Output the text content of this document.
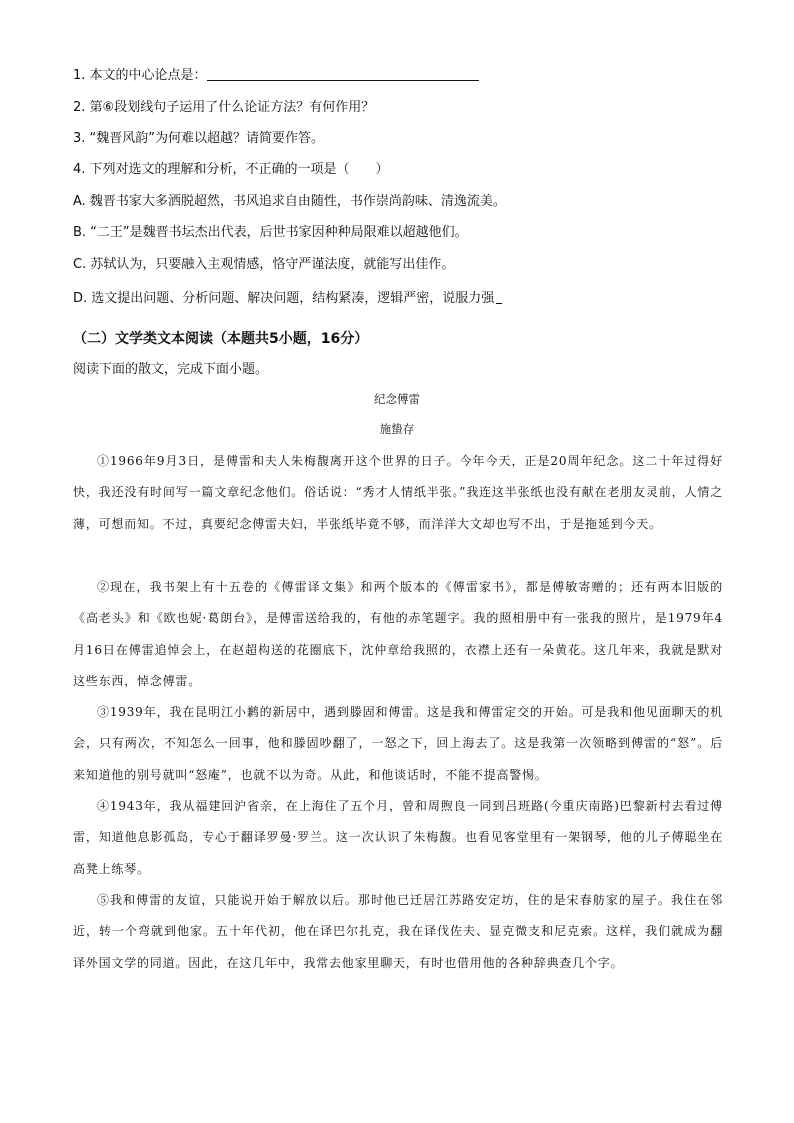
1. 本文的中心论点是：
2. 第⑥段划线句子运用了什么论证方法？有何作用？
3. “魏晋风韵”为何难以超越？请简要作答。
4. 下列对选文的理解和分析，不正确的一项是（　　）
A. 魏晋书家大多洒脱超然，书风追求自由随性，书作崇尚韵味、清逸流美。
B. “二王”是魏晋书坛杰出代表，后世书家因种种局限难以超越他们。
C. 苏轼认为，只要融入主观情感，恪守严谨法度，就能写出佳作。
D. 选文提出问题、分析问题、解决问题，结构紧凑，逻辑严密，说服力强
（二）文学类文本阅读（本题共5小题，16分）
阅读下面的散文，完成下面小题。
纪念傅雷
施蛰存
①1966年9月3日，是傅雷和夫人朱梅馥离开这个世界的日子。今年今天，正是20周年纪念。这二十年过得好快，我还没有时间写一篇文章纪念他们。俗话说：“秀才人情纸半张。”我连这半张纸也没有献在老朋友灵前，人情之薄，可想而知。不过，真要纪念傅雷夫妇，半张纸毕竟不够，而洋洋大文却也写不出，于是拖延到今天。
②现在，我书架上有十五卷的《傅雷译文集》和两个版本的《傅雷家书》，都是傅敏寄赠的；还有两本旧版的《高老头》和《欧也妮·葛朗台》，是傅雷送给我的，有他的赤笔题字。我的照相册中有一张我的照片，是1979年4月16日在傅雷追悼会上，在赵超构送的花圈底下，沈仲章给我照的，衣襟上还有一朵黄花。这几年来，我就是默对这些东西，悼念傅雷。
③1939年，我在昆明江小鹣的新居中，遇到滕固和傅雷。这是我和傅雷定交的开始。可是我和他见面聊天的机会，只有两次，不知怎么一回事，他和滕固吵翻了，一怒之下，回上海去了。这是我第一次领略到傅雷的“怒”。后来知道他的别号就叫“怒庵”，也就不以为奇。从此，和他谈话时，不能不提高警惕。
④1943年，我从福建回沪省亲，在上海住了五个月，曾和周煦良一同到吕班路(今重庆南路)巴黎新村去看过傅雷，知道他息影孤岛，专心于翻译罗曼·罗兰。这一次认识了朱梅馥。也看见客堂里有一架钢琴，他的儿子傅聪坐在高凳上练琴。
⑤我和傅雷的友谊，只能说开始于解放以后。那时他已迁居江苏路安定坊，住的是宋春舫家的屋子。我住在邻近，转一个弯就到他家。五十年代初，他在译巴尔扎克，我在译伐佐夫、显克微支和尼克索。这样，我们就成为翻译外国文学的同道。因此，在这几年中，我常去他家里聊天，有时也借用他的各种辞典查几个字。
